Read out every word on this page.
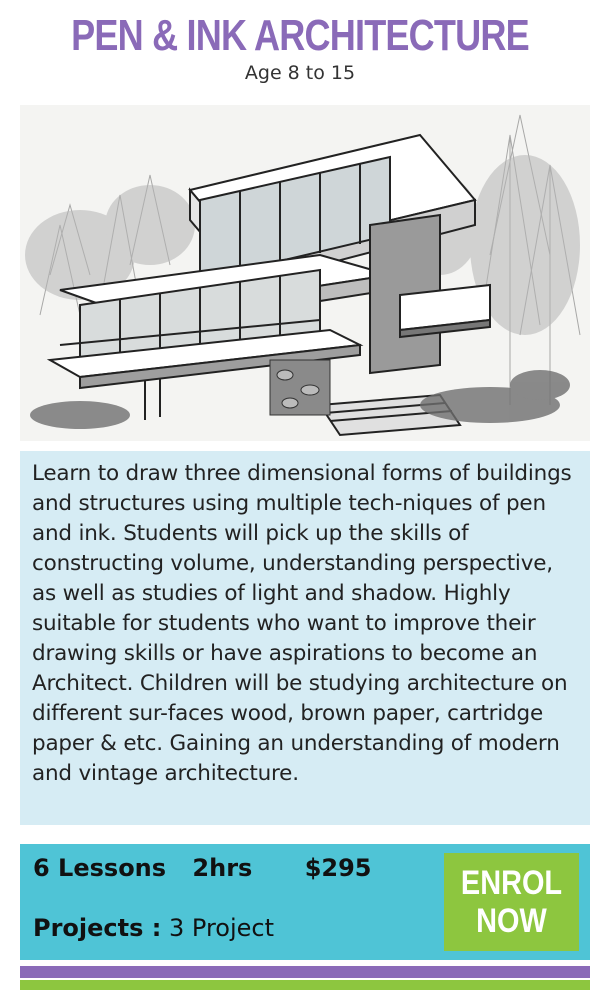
PEN & INK ARCHITECTURE
Age 8 to 15
Learn to draw three dimensional forms of buildings and structures using multiple tech-niques of pen and ink. Students will pick up the skills of constructing volume, understanding perspective, as well as studies of light and shadow. Highly suitable for students who want to improve their drawing skills or have aspirations to become an Architect. Children will be studying architecture on different sur-faces wood, brown paper, cartridge paper & etc. Gaining an understanding of modern and vintage architecture.
6 Lessons 2hrs $295
Projects : 3 Project
ENROL
NOW
